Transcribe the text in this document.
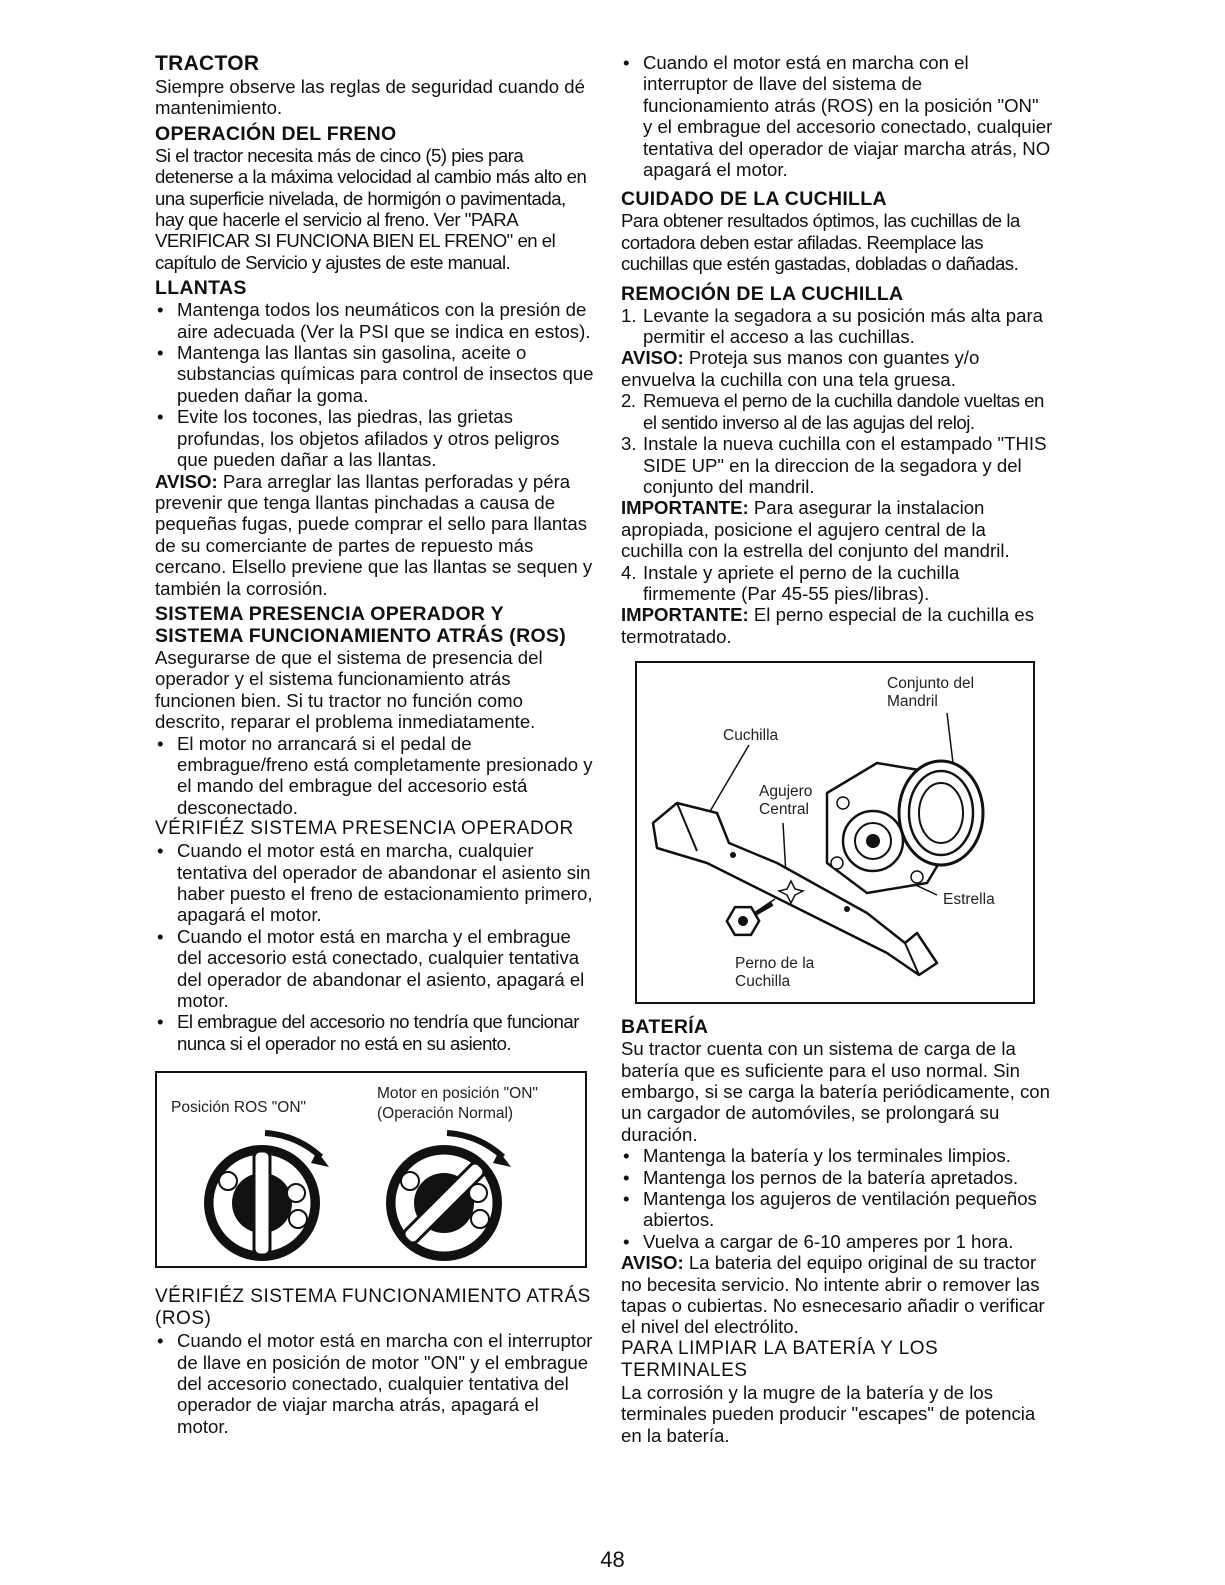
TRACTOR

Siempre observe las reglas de seguridad cuando dé mantenimiento.

OPERACIÓN DEL FRENO

Si el tractor necesita más de cinco (5) pies para detenerse a la máxima velocidad al cambio más alto en una superficie nivelada, de hormigón o pavimentada, hay que hacerle el servicio al freno. Ver "PARA VERIFICAR SI FUNCIONA BIEN EL FRENO" en el capítulo de Servicio y ajustes de este manual.

LLANTAS
• Mantenga todos los neumáticos con la presión de aire adecuada (Ver la PSI que se indica en estos).
• Mantenga las llantas sin gasolina, aceite o substancias químicas para control de insectos que pueden dañar la goma.
• Evite los tocones, las piedras, las grietas profundas, los objetos afilados y otros peligros que pueden dañar a las llantas.

AVISO: Para arreglar las llantas perforadas y péra prevenir que tenga llantas pinchadas a causa de pequeñas fugas, puede comprar el sello para llantas de su comerciante de partes de repuesto más cercano. Elsello previene que las llantas se sequen y también la corrosión.

SISTEMA PRESENCIA OPERADOR Y SISTEMA FUNCIONAMIENTO ATRÁS (ROS)

Asegurarse de que el sistema de presencia del operador y el sistema funcionamiento atrás funcionen bien. Si tu tractor no función como descrito, reparar el problema inmediatamente.

• El motor no arrancará si el pedal de embrague/freno está completamente presionado y el mando del embrague del accesorio está desconectado.
VÉRIFIÉZ SISTEMA PRESENCIA OPERADOR
• Cuando el motor está en marcha, cualquier tentativa del operador de abandonar el asiento sin haber puesto el freno de estacionamiento primero, apagará el motor.
• Cuando el motor está en marcha y el embrague del accesorio está conectado, cualquier tentativa del operador de abandonar el asiento, apagará el motor.
• El embrague del accesorio no tendría que funcionar nunca si el operador no está en su asiento.
Posición ROS "ON"
Motor en posición "ON"
(Operación Normal)
VÉRIFIÉZ SISTEMA FUNCIONAMIENTO ATRÁS (ROS)
• Cuando el motor está en marcha con el interruptor de llave en posición de motor "ON" y el embrague del accesorio conectado, cualquier tentativa del operador de viajar marcha atrás, apagará el motor.
• Cuando el motor está en marcha con el interruptor de llave del sistema de funcionamiento atrás (ROS) en la posición "ON" y el embrague del accesorio conectado, cualquier tentativa del operador de viajar marcha atrás, NO apagará el motor.
CUIDADO DE LA CUCHILLA

Para obtener resultados óptimos, las cuchillas de la cortadora deben estar afiladas. Reemplace las cuchillas que estén gastadas, dobladas o dañadas.

REMOCIÓN DE LA CUCHILLA
1. Levante la segadora a su posición más alta para permitir el acceso a las cuchillas.

AVISO: Proteja sus manos con guantes y/o envuelva la cuchilla con una tela gruesa.

2. Remueva el perno de la cuchilla dandole vueltas en el sentido inverso al de las agujas del reloj.
3. Instale la nueva cuchilla con el estampado "THIS SIDE UP" en la direccion de la segadora y del conjunto del mandril.

IMPORTANTE: Para asegurar la instalacion apropiada, posicione el agujero central de la cuchilla con la estrella del conjunto del mandril.

4. Instale y apriete el perno de la cuchilla firmemente (Par 45-55 pies/libras).

IMPORTANTE: El perno especial de la cuchilla es termotratado.

Conjunto del
Mandril
Cuchilla
Agujero
Central
Estrella
Perno de la
Cuchilla
BATERÍA

Su tractor cuenta con un sistema de carga de la batería que es suficiente para el uso normal. Sin embargo, si se carga la batería periódicamente, con un cargador de automóviles, se prolongará su duración.

• Mantenga la batería y los terminales limpios.
• Mantenga los pernos de la batería apretados.
• Mantenga los agujeros de ventilación pequeños abiertos.
• Vuelva a cargar de 6-10 amperes por 1 hora.

AVISO: La bateria del equipo original de su tractor no becesita servicio. No intente abrir o remover las tapas o cubiertas. No esnecesario añadir o verificar el nivel del electrólito.

PARA LIMPIAR LA BATERÍA Y LOS TERMINALES

La corrosión y la mugre de la batería y de los terminales pueden producir "escapes" de potencia en la batería.

48
